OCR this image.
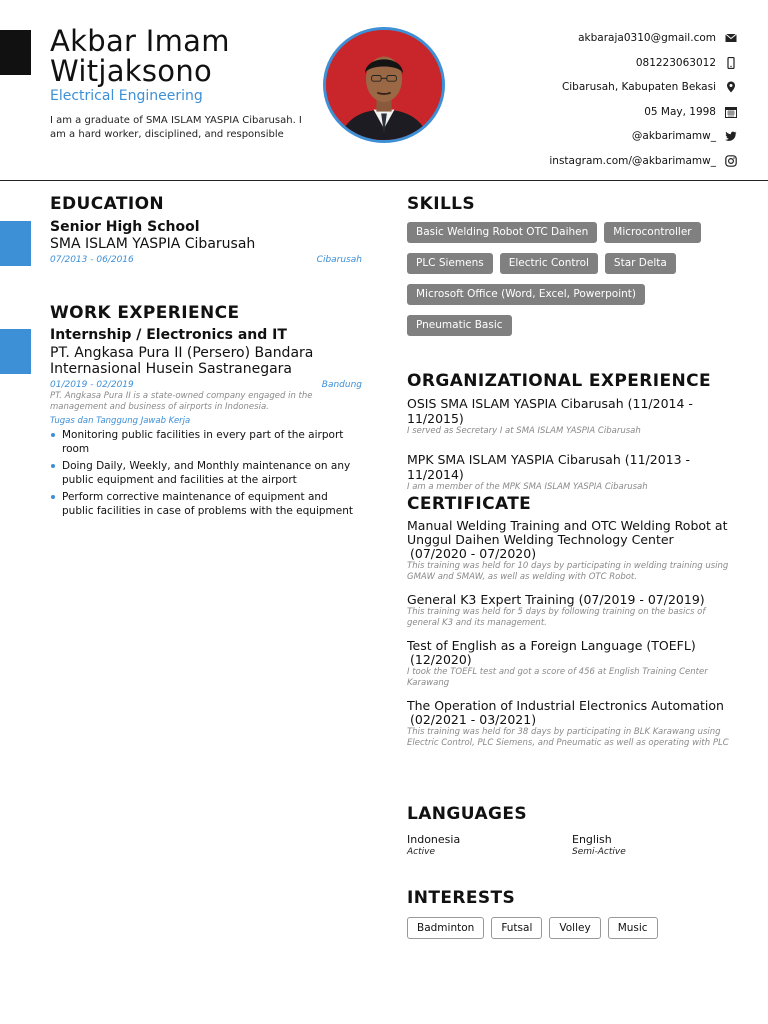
Akbar Imam
Witjaksono
Electrical Engineering
I am a graduate of SMA ISLAM YASPIA Cibarusah. I am a hard worker, disciplined, and responsible
akbaraja0310@gmail.com
081223063012
Cibarusah, Kabupaten Bekasi
05 May, 1998
@akbarimamw_
instagram.com/@akbarimamw_
EDUCATION
Senior High School
SMA ISLAM YASPIA Cibarusah
07/2013 - 06/2016	Cibarusah
WORK EXPERIENCE
Internship / Electronics and IT
PT. Angkasa Pura II (Persero) Bandara Internasional Husein Sastranegara
01/2019 - 02/2019	Bandung
PT. Angkasa Pura II is a state-owned company engaged in the management and business of airports in Indonesia.
Tugas dan Tanggung Jawab Kerja
Monitoring public facilities in every part of the airport room
Doing Daily, Weekly, and Monthly maintenance on any public equipment and facilities at the airport
Perform corrective maintenance of equipment and public facilities in case of problems with the equipment
SKILLS
Basic Welding Robot OTC Daihen	Microcontroller
PLC Siemens	Electric Control	Star Delta
Microsoft Office (Word, Excel, Powerpoint)
Pneumatic Basic
ORGANIZATIONAL EXPERIENCE
OSIS SMA ISLAM YASPIA Cibarusah (11/2014 - 11/2015)
I served as Secretary I at SMA ISLAM YASPIA Cibarusah
MPK SMA ISLAM YASPIA Cibarusah (11/2013 - 11/2014)
I am a member of the MPK SMA ISLAM YASPIA Cibarusah
CERTIFICATE
Manual Welding Training and OTC Welding Robot at Unggul Daihen Welding Technology Center
(07/2020 - 07/2020)
This training was held for 10 days by participating in welding training using GMAW and SMAW, as well as welding with OTC Robot.
General K3 Expert Training (07/2019 - 07/2019)
This training was held for 5 days by following training on the basics of general K3 and its management.
Test of English as a Foreign Language (TOEFL)
(12/2020)
I took the TOEFL test and got a score of 456 at English Training Center Karawang
The Operation of Industrial Electronics Automation
(02/2021 - 03/2021)
This training was held for 38 days by participating in BLK Karawang using Electric Control, PLC Siemens, and Pneumatic as well as operating with PLC
LANGUAGES
Indonesia
Active
English
Semi-Active
INTERESTS
Badminton	Futsal	Volley	Music
